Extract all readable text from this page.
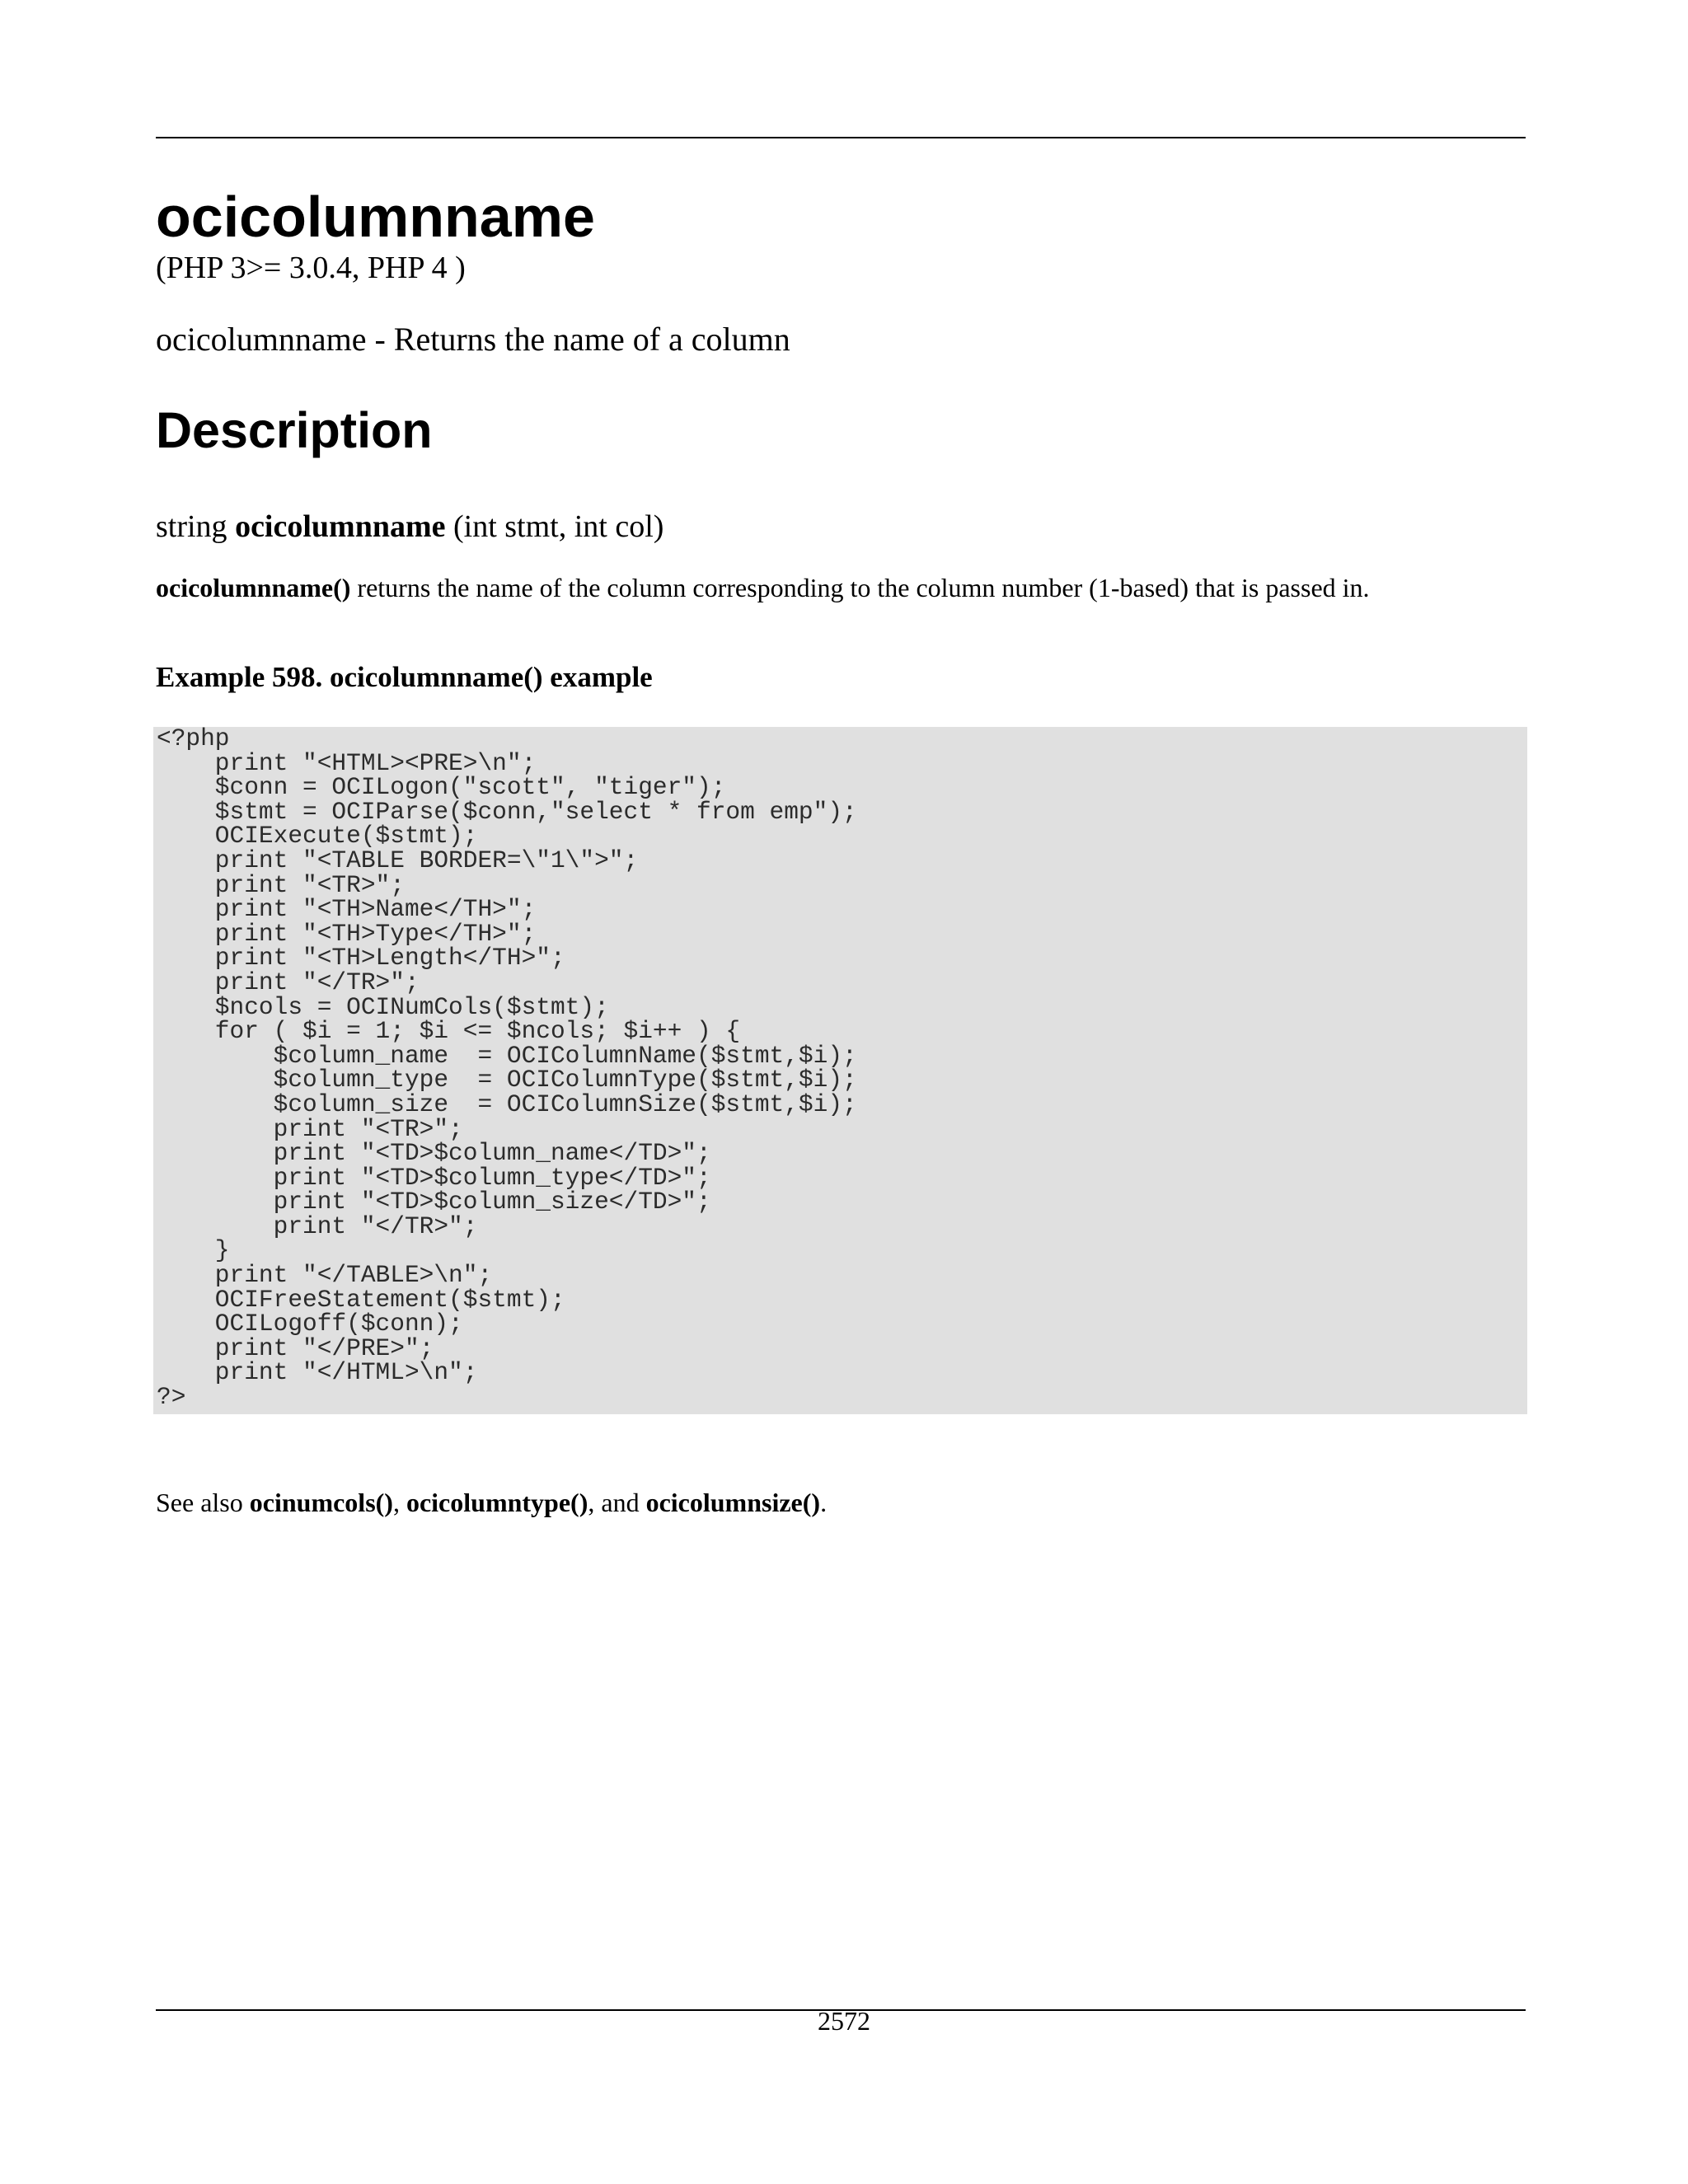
ocicolumnname
(PHP 3>= 3.0.4, PHP 4 )
ocicolumnname - Returns the name of a column
Description
string ocicolumnname (int stmt, int col)
ocicolumnname() returns the name of the column corresponding to the column number (1-based) that is passed in.
Example 598. ocicolumnname() example
<?php
print "<HTML><PRE>\n";
$conn = OCILogon("scott", "tiger");
$stmt = OCIParse($conn,"select * from emp");
OCIExecute($stmt);
print "<TABLE BORDER=\"1\">";
print "<TR>";
print "<TH>Name</TH>";
print "<TH>Type</TH>";
print "<TH>Length</TH>";
print "</TR>";
$ncols = OCINumCols($stmt);
for ( $i = 1; $i <= $ncols; $i++ ) {
$column_name  = OCIColumnName($stmt,$i);
$column_type  = OCIColumnType($stmt,$i);
$column_size  = OCIColumnSize($stmt,$i);
print "<TR>";
print "<TD>$column_name</TD>";
print "<TD>$column_type</TD>";
print "<TD>$column_size</TD>";
print "</TR>";
}
print "</TABLE>\n";
OCIFreeStatement($stmt);
OCILogoff($conn);
print "</PRE>";
print "</HTML>\n";
?>
See also ocinumcols(), ocicolumntype(), and ocicolumnsize().
2572
